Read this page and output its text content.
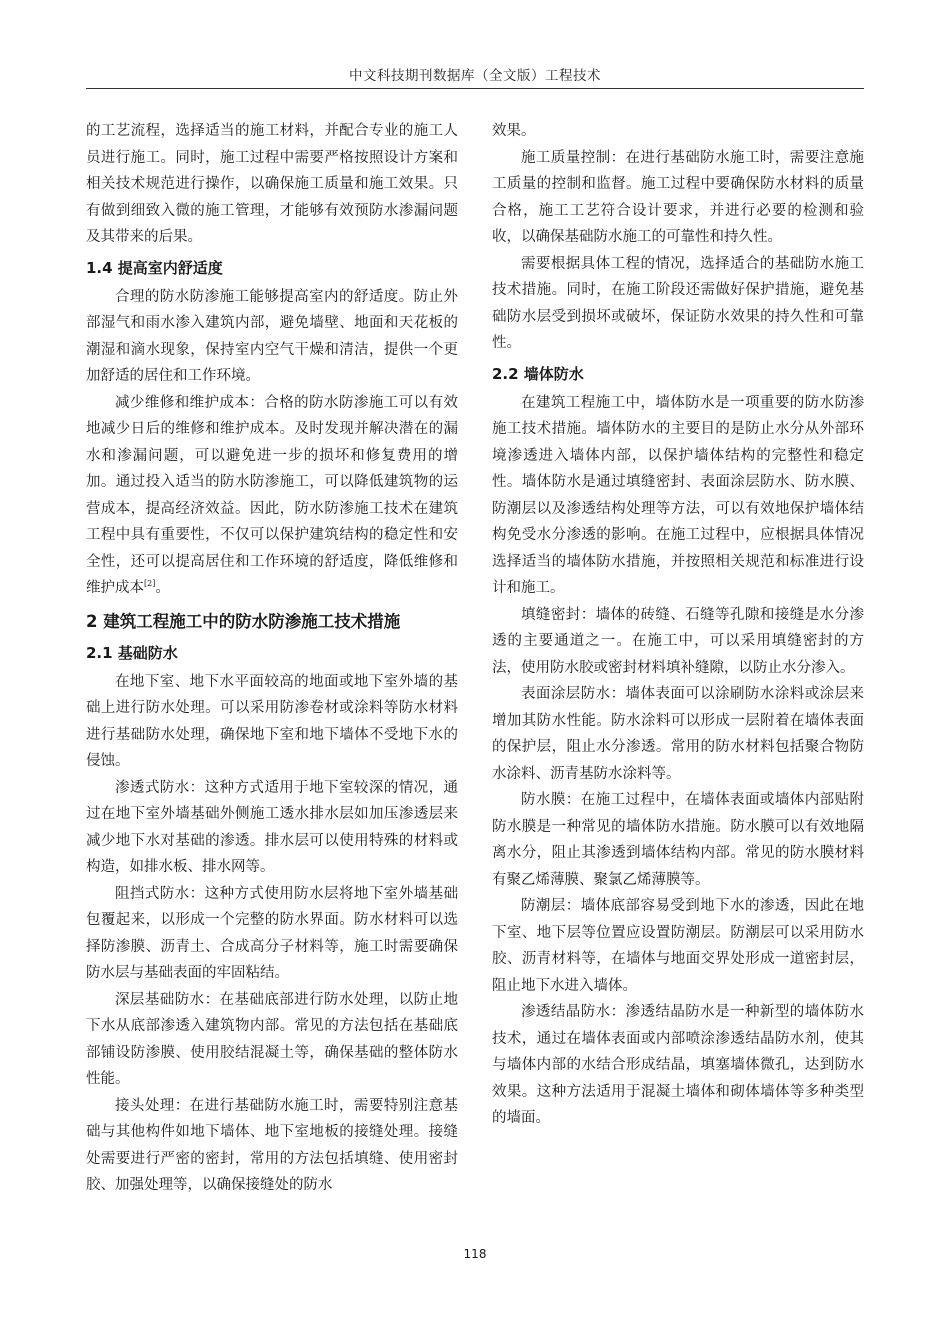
中文科技期刊数据库（全文版）工程技术

的工艺流程，选择适当的施工材料，并配合专业的施工人员进行施工。同时，施工过程中需要严格按照设计方案和相关技术规范进行操作，以确保施工质量和施工效果。只有做到细致入微的施工管理，才能够有效预防水渗漏问题及其带来的后果。

1.4 提高室内舒适度

合理的防水防渗施工能够提高室内的舒适度。防止外部湿气和雨水渗入建筑内部，避免墙壁、地面和天花板的潮湿和滴水现象，保持室内空气干燥和清洁，提供一个更加舒适的居住和工作环境。

减少维修和维护成本：合格的防水防渗施工可以有效地减少日后的维修和维护成本。及时发现并解决潜在的漏水和渗漏问题，可以避免进一步的损坏和修复费用的增加。通过投入适当的防水防渗施工，可以降低建筑物的运营成本，提高经济效益。因此，防水防渗施工技术在建筑工程中具有重要性，不仅可以保护建筑结构的稳定性和安全性，还可以提高居住和工作环境的舒适度，降低维修和维护成本[2]。

2 建筑工程施工中的防水防渗施工技术措施
2.1 基础防水

在地下室、地下水平面较高的地面或地下室外墙的基础上进行防水处理。可以采用防渗卷材或涂料等防水材料进行基础防水处理，确保地下室和地下墙体不受地下水的侵蚀。

渗透式防水：这种方式适用于地下室较深的情况，通过在地下室外墙基础外侧施工透水排水层如加压渗透层来减少地下水对基础的渗透。排水层可以使用特殊的材料或构造，如排水板、排水网等。

阻挡式防水：这种方式使用防水层将地下室外墙基础包覆起来，以形成一个完整的防水界面。防水材料可以选择防渗膜、沥青土、合成高分子材料等，施工时需要确保防水层与基础表面的牢固粘结。

深层基础防水：在基础底部进行防水处理，以防止地下水从底部渗透入建筑物内部。常见的方法包括在基础底部铺设防渗膜、使用胶结混凝土等，确保基础的整体防水性能。

接头处理：在进行基础防水施工时，需要特别注意基础与其他构件如地下墙体、地下室地板的接缝处理。接缝处需要进行严密的密封，常用的方法包括填缝、使用密封胶、加强处理等，以确保接缝处的防水

效果。

施工质量控制：在进行基础防水施工时，需要注意施工质量的控制和监督。施工过程中要确保防水材料的质量合格，施工工艺符合设计要求，并进行必要的检测和验收，以确保基础防水施工的可靠性和持久性。

需要根据具体工程的情况，选择适合的基础防水施工技术措施。同时，在施工阶段还需做好保护措施，避免基础防水层受到损坏或破坏，保证防水效果的持久性和可靠性。

2.2 墙体防水

在建筑工程施工中，墙体防水是一项重要的防水防渗施工技术措施。墙体防水的主要目的是防止水分从外部环境渗透进入墙体内部，以保护墙体结构的完整性和稳定性。墙体防水是通过填缝密封、表面涂层防水、防水膜、防潮层以及渗透结构处理等方法，可以有效地保护墙体结构免受水分渗透的影响。在施工过程中，应根据具体情况选择适当的墙体防水措施，并按照相关规范和标准进行设计和施工。

填缝密封：墙体的砖缝、石缝等孔隙和接缝是水分渗透的主要通道之一。在施工中，可以采用填缝密封的方法，使用防水胶或密封材料填补缝隙，以防止水分渗入。

表面涂层防水：墙体表面可以涂刷防水涂料或涂层来增加其防水性能。防水涂料可以形成一层附着在墙体表面的保护层，阻止水分渗透。常用的防水材料包括聚合物防水涂料、沥青基防水涂料等。

防水膜：在施工过程中，在墙体表面或墙体内部贴附防水膜是一种常见的墙体防水措施。防水膜可以有效地隔离水分，阻止其渗透到墙体结构内部。常见的防水膜材料有聚乙烯薄膜、聚氯乙烯薄膜等。

防潮层：墙体底部容易受到地下水的渗透，因此在地下室、地下层等位置应设置防潮层。防潮层可以采用防水胶、沥青材料等，在墙体与地面交界处形成一道密封层，阻止地下水进入墙体。

渗透结晶防水：渗透结晶防水是一种新型的墙体防水技术，通过在墙体表面或内部喷涂渗透结晶防水剂，使其与墙体内部的水结合形成结晶，填塞墙体微孔，达到防水效果。这种方法适用于混凝土墙体和砌体墙体等多种类型的墙面。

118
